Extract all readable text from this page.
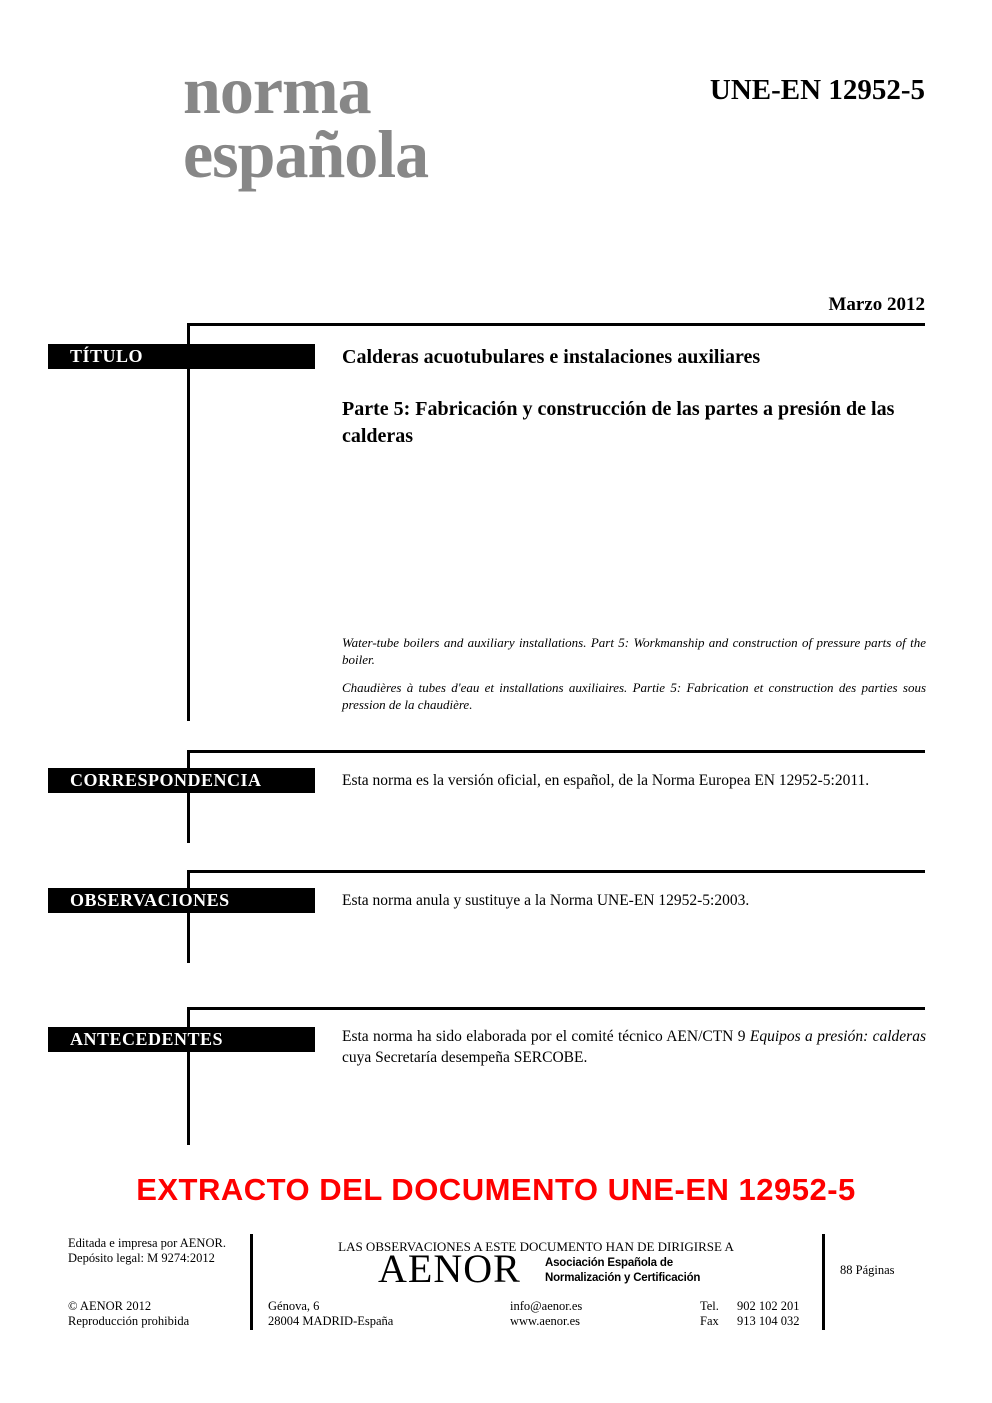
norma
española
UNE-EN 12952-5
Marzo 2012
TÍTULO	Calderas acuotubulares e instalaciones auxiliares
Parte 5: Fabricación y construcción de las partes a presión de las calderas
Water-tube boilers and auxiliary installations. Part 5: Workmanship and construction of pressure parts of the boiler.
Chaudières à tubes d'eau et installations auxiliaires. Partie 5: Fabrication et construction des parties sous pression de la chaudière.
CORRESPONDENCIA	Esta norma es la versión oficial, en español, de la Norma Europea EN 12952-5:2011.
OBSERVACIONES	Esta norma anula y sustituye a la Norma UNE-EN 12952-5:2003.
ANTECEDENTES	Esta norma ha sido elaborada por el comité técnico AEN/CTN 9 Equipos a presión: calderas cuya Secretaría desempeña SERCOBE.
EXTRACTO DEL DOCUMENTO UNE-EN 12952-5
Editada e impresa por AENOR.
Depósito legal: M 9274:2012
© AENOR 2012
Reproducción prohibida
LAS OBSERVACIONES A ESTE DOCUMENTO HAN DE DIRIGIRSE A
AENOR Asociación Española de
Normalización y Certificación
88 Páginas
Génova, 6
28004 MADRID-España
info@aenor.es
www.aenor.es
Tel.	902 102 201
Fax	913 104 032
